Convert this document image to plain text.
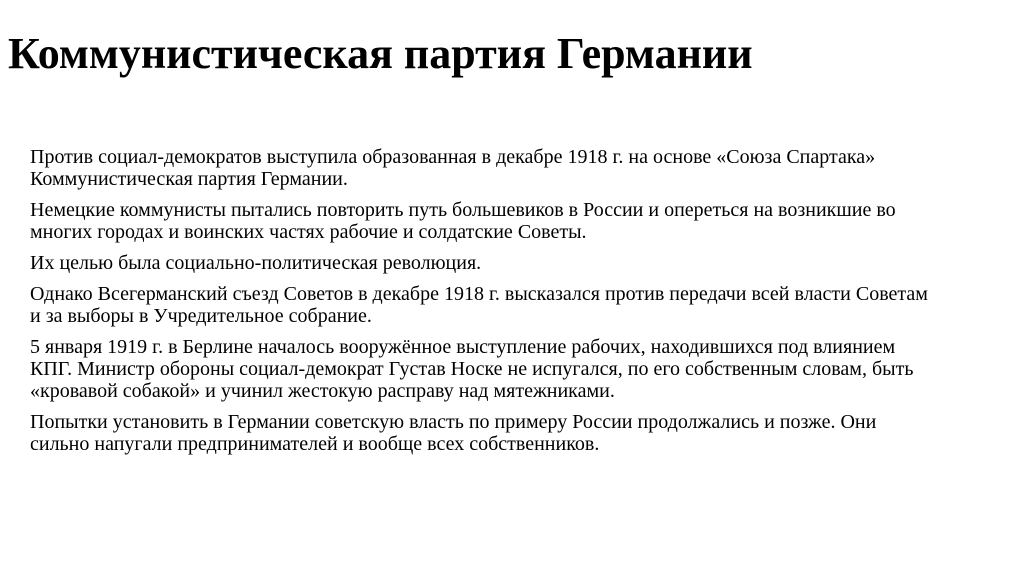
Коммунистическая партия Германии

Против социал-демократов выступила образованная в декабре 1918 г. на основе «Союза Спартака»
Коммунистическая партия Германии.

Немецкие коммунисты пытались повторить путь большевиков в России и опереться на возникшие во
многих городах и воинских частях рабочие и солдатские Советы.

Их целью была социально-политическая революция.

Однако Всегерманский съезд Советов в декабре 1918 г. высказался против передачи всей власти Советам
и за выборы в Учредительное собрание.

5 января 1919 г. в Берлине началось вооружённое выступление рабочих, находившихся под влиянием
КПГ. Министр обороны социал-демократ Густав Носке не испугался, по его собственным словам, быть
«кровавой собакой» и учинил жестокую расправу над мятежниками.

Попытки установить в Германии советскую власть по примеру России продолжались и позже. Они
сильно напугали предпринимателей и вообще всех собственников.
